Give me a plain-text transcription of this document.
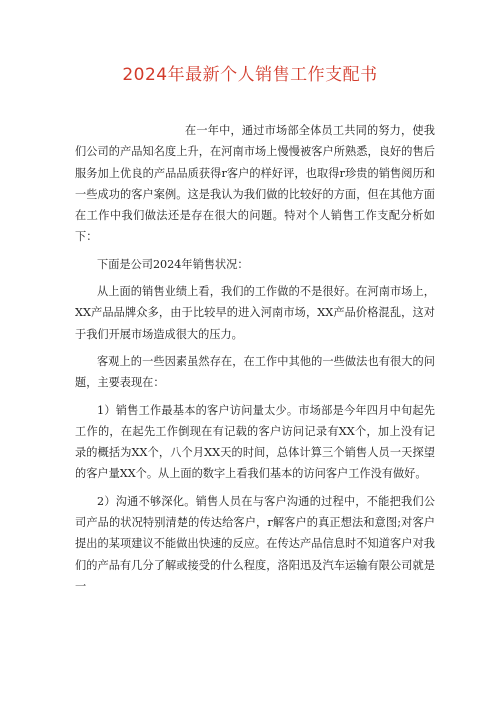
2024年最新个人销售工作支配书

在一年中，通过市场部全体员工共同的努力，使我们公司的产品知名度上升，在河南市场上慢慢被客户所熟悉，良好的售后服务加上优良的产品品质获得r客户的样好评，也取得r珍贵的销售阅历和一些成功的客户案例。这是我认为我们做的比较好的方面，但在其他方面在工作中我们做法还是存在很大的问题。特对个人销售工作支配分析如下：

下面是公司2024年销售状况：

从上面的销售业绩上看，我们的工作做的不是很好。在河南市场上，XX产品品牌众多，由于比较早的进入河南市场，XX产品价格混乱，这对于我们开展市场造成很大的压力。

客观上的一些因素虽然存在，在工作中其他的一些做法也有很大的问题，主要表现在：

1）销售工作最基本的客户访问量太少。市场部是今年四月中旬起先工作的，在起先工作倒现在有记载的客户访问记录有XX个，加上没有记录的概括为XX个，八个月XX天的时间，总体计算三个销售人员一天探望的客户量XX个。从上面的数字上看我们基本的访问客户工作没有做好。

2）沟通不够深化。销售人员在与客户沟通的过程中，不能把我们公司产品的状况特别清楚的传达给客户，r解客户的真正想法和意图;对客户提出的某项建议不能做出快速的反应。在传达产品信息时不知道客户对我们的产品有几分了解或接受的什么程度，洛阳迅及汽车运输有限公司就是一
